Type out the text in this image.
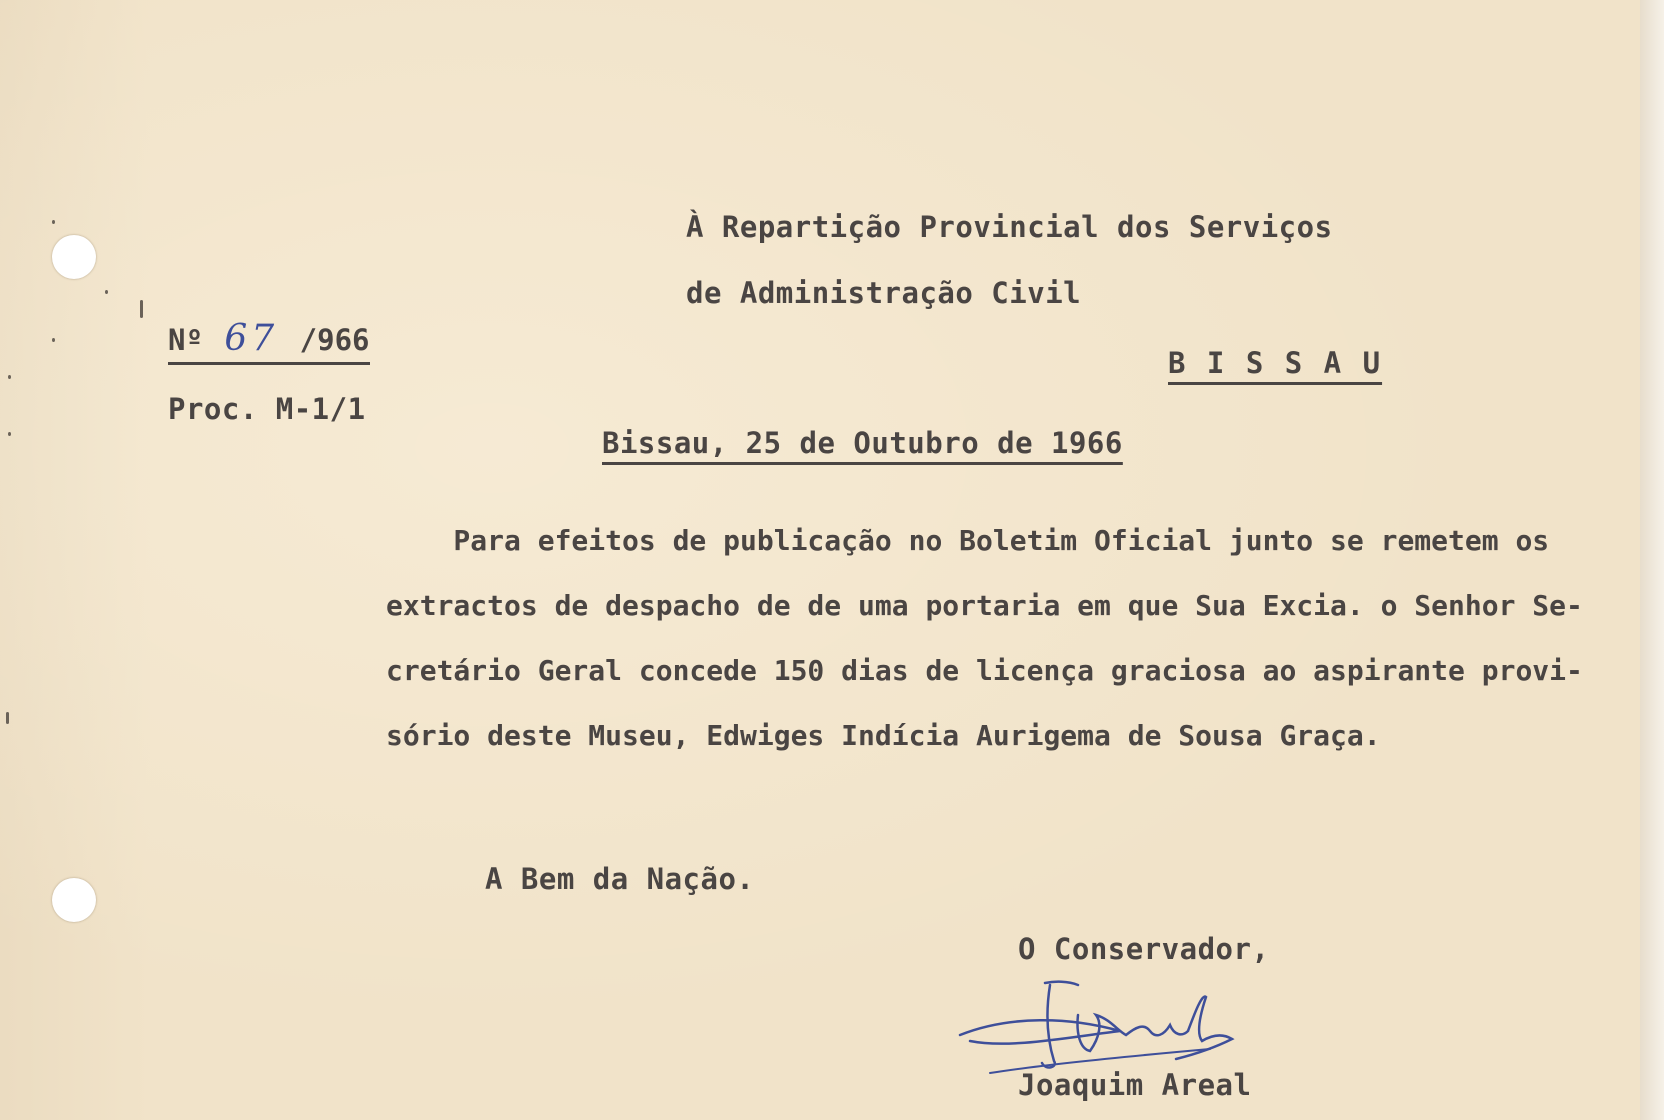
À Repartição Provincial dos Serviços
de Administração Civil
B I S S A U
Nº 67 /966
Proc. M-1/1
Bissau, 25 de Outubro de 1966

Para efeitos de publicação no Boletim Oficial junto se remetem os

extractos de despacho de de uma portaria em que Sua Excia. o Senhor Se-

cretário Geral concede 150 dias de licença graciosa ao aspirante provi-

sório deste Museu, Edwiges Indícia Aurigema de Sousa Graça.

A Bem da Nação.
O Conservador,
Joaquim Areal
